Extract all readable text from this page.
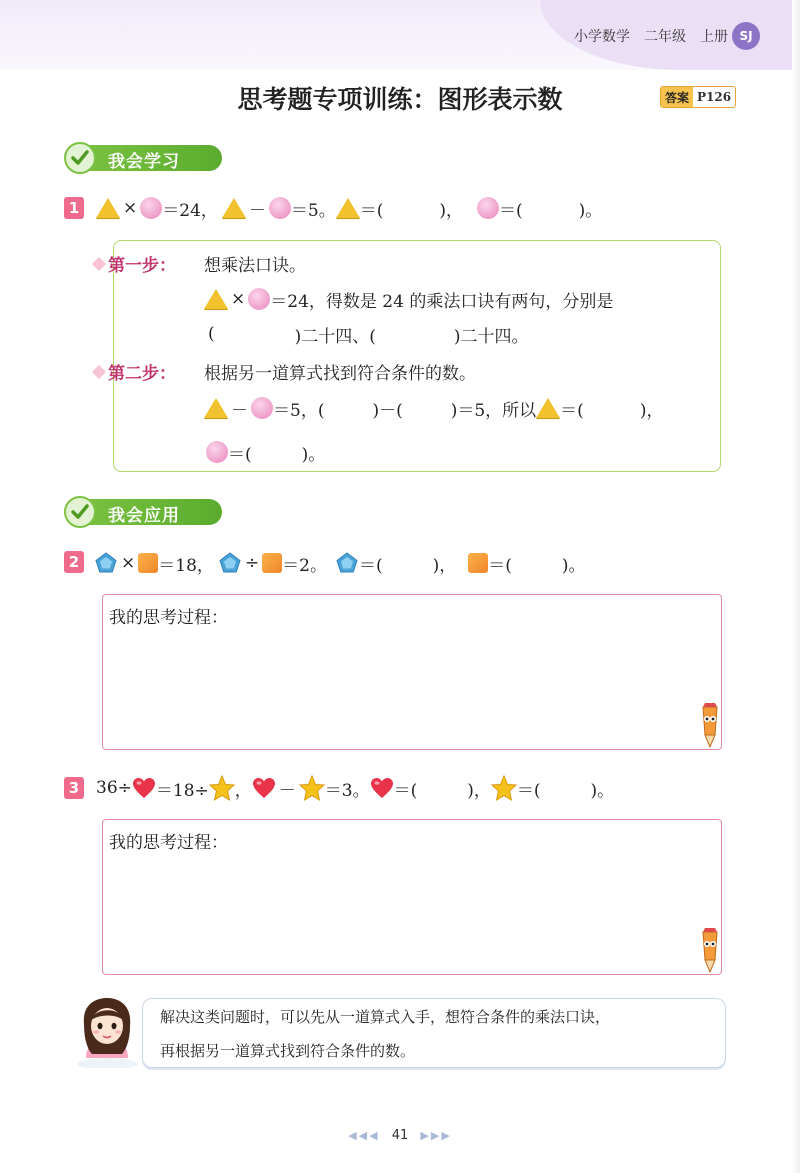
小学数学 二年级 上册 SJ
思考题专项训练：图形表示数	答案 P126
我会学习
1	× ＝24， － ＝5。 ＝(	)， ＝(	)。
第一步： 想乘法口诀。
× ＝24，得数是 24 的乘法口诀有两句，分别是
(	)二十四、(	)二十四。
第二步： 根据另一道算式找到符合条件的数。
－ ＝5，(	)－(	)＝5，所以 ＝(	)，
＝(	)。
我会应用
2 × ＝18， ÷ ＝2。 ＝(	)， ＝(	)。
我的思考过程：
3 36÷ ＝18÷ ， － ＝3。 ＝(	)， ＝(	)。
我的思考过程：
解决这类问题时，可以先从一道算式入手，想符合条件的乘法口诀，
再根据另一道算式找到符合条件的数。
◀◀◀ 41 ▶▶▶
